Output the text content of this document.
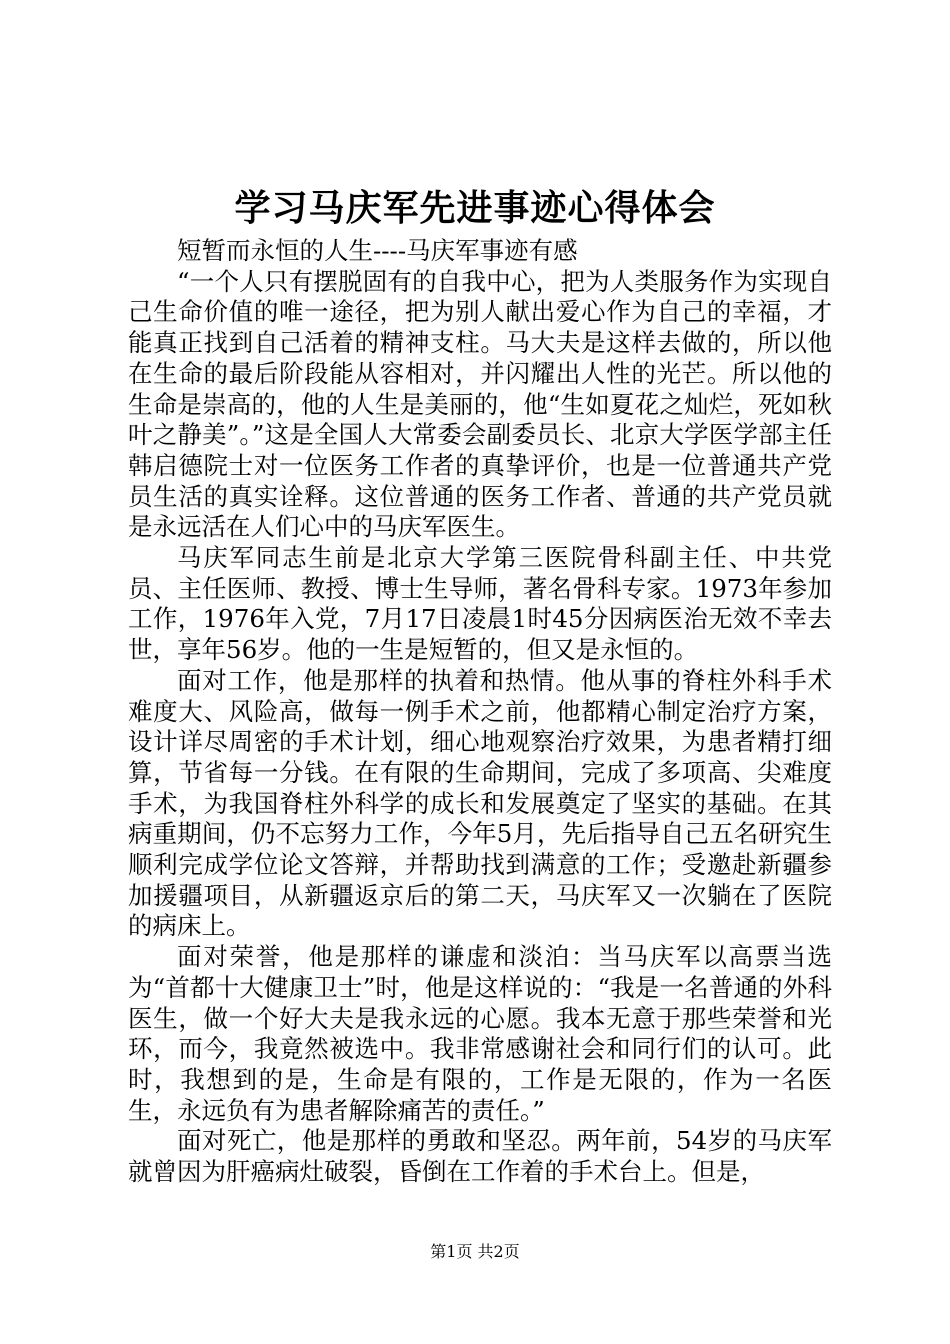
学习马庆军先进事迹心得体会

短暂而永恒的人生----马庆军事迹有感

“一个人只有摆脱固有的自我中心，把为人类服务作为实现自己生命价值的唯一途径，把为别人献出爱心作为自己的幸福，才能真正找到自己活着的精神支柱。马大夫是这样去做的，所以他在生命的最后阶段能从容相对，并闪耀出人性的光芒。所以他的生命是崇高的，他的人生是美丽的，他“生如夏花之灿烂，死如秋叶之静美”。”这是全国人大常委会副委员长、北京大学医学部主任韩启德院士对一位医务工作者的真挚评价，也是一位普通共产党员生活的真实诠释。这位普通的医务工作者、普通的共产党员就是永远活在人们心中的马庆军医生。

马庆军同志生前是北京大学第三医院骨科副主任、中共党员、主任医师、教授、博士生导师，著名骨科专家。1973年参加工作，1976年入党，7月17日凌晨1时45分因病医治无效不幸去世，享年56岁。他的一生是短暂的，但又是永恒的。

面对工作，他是那样的执着和热情。他从事的脊柱外科手术难度大、风险高，做每一例手术之前，他都精心制定治疗方案，设计详尽周密的手术计划，细心地观察治疗效果，为患者精打细算，节省每一分钱。在有限的生命期间，完成了多项高、尖难度手术，为我国脊柱外科学的成长和发展奠定了坚实的基础。在其病重期间，仍不忘努力工作，今年5月，先后指导自己五名研究生顺利完成学位论文答辩，并帮助找到满意的工作；受邀赴新疆参加援疆项目，从新疆返京后的第二天，马庆军又一次躺在了医院的病床上。

面对荣誉，他是那样的谦虚和淡泊：当马庆军以高票当选为“首都十大健康卫士”时，他是这样说的：“我是一名普通的外科医生，做一个好大夫是我永远的心愿。我本无意于那些荣誉和光环，而今，我竟然被选中。我非常感谢社会和同行们的认可。此时，我想到的是，生命是有限的，工作是无限的，作为一名医生，永远负有为患者解除痛苦的责任。”

面对死亡，他是那样的勇敢和坚忍。两年前，54岁的马庆军就曾因为肝癌病灶破裂，昏倒在工作着的手术台上。但是，

第1页 共2页
